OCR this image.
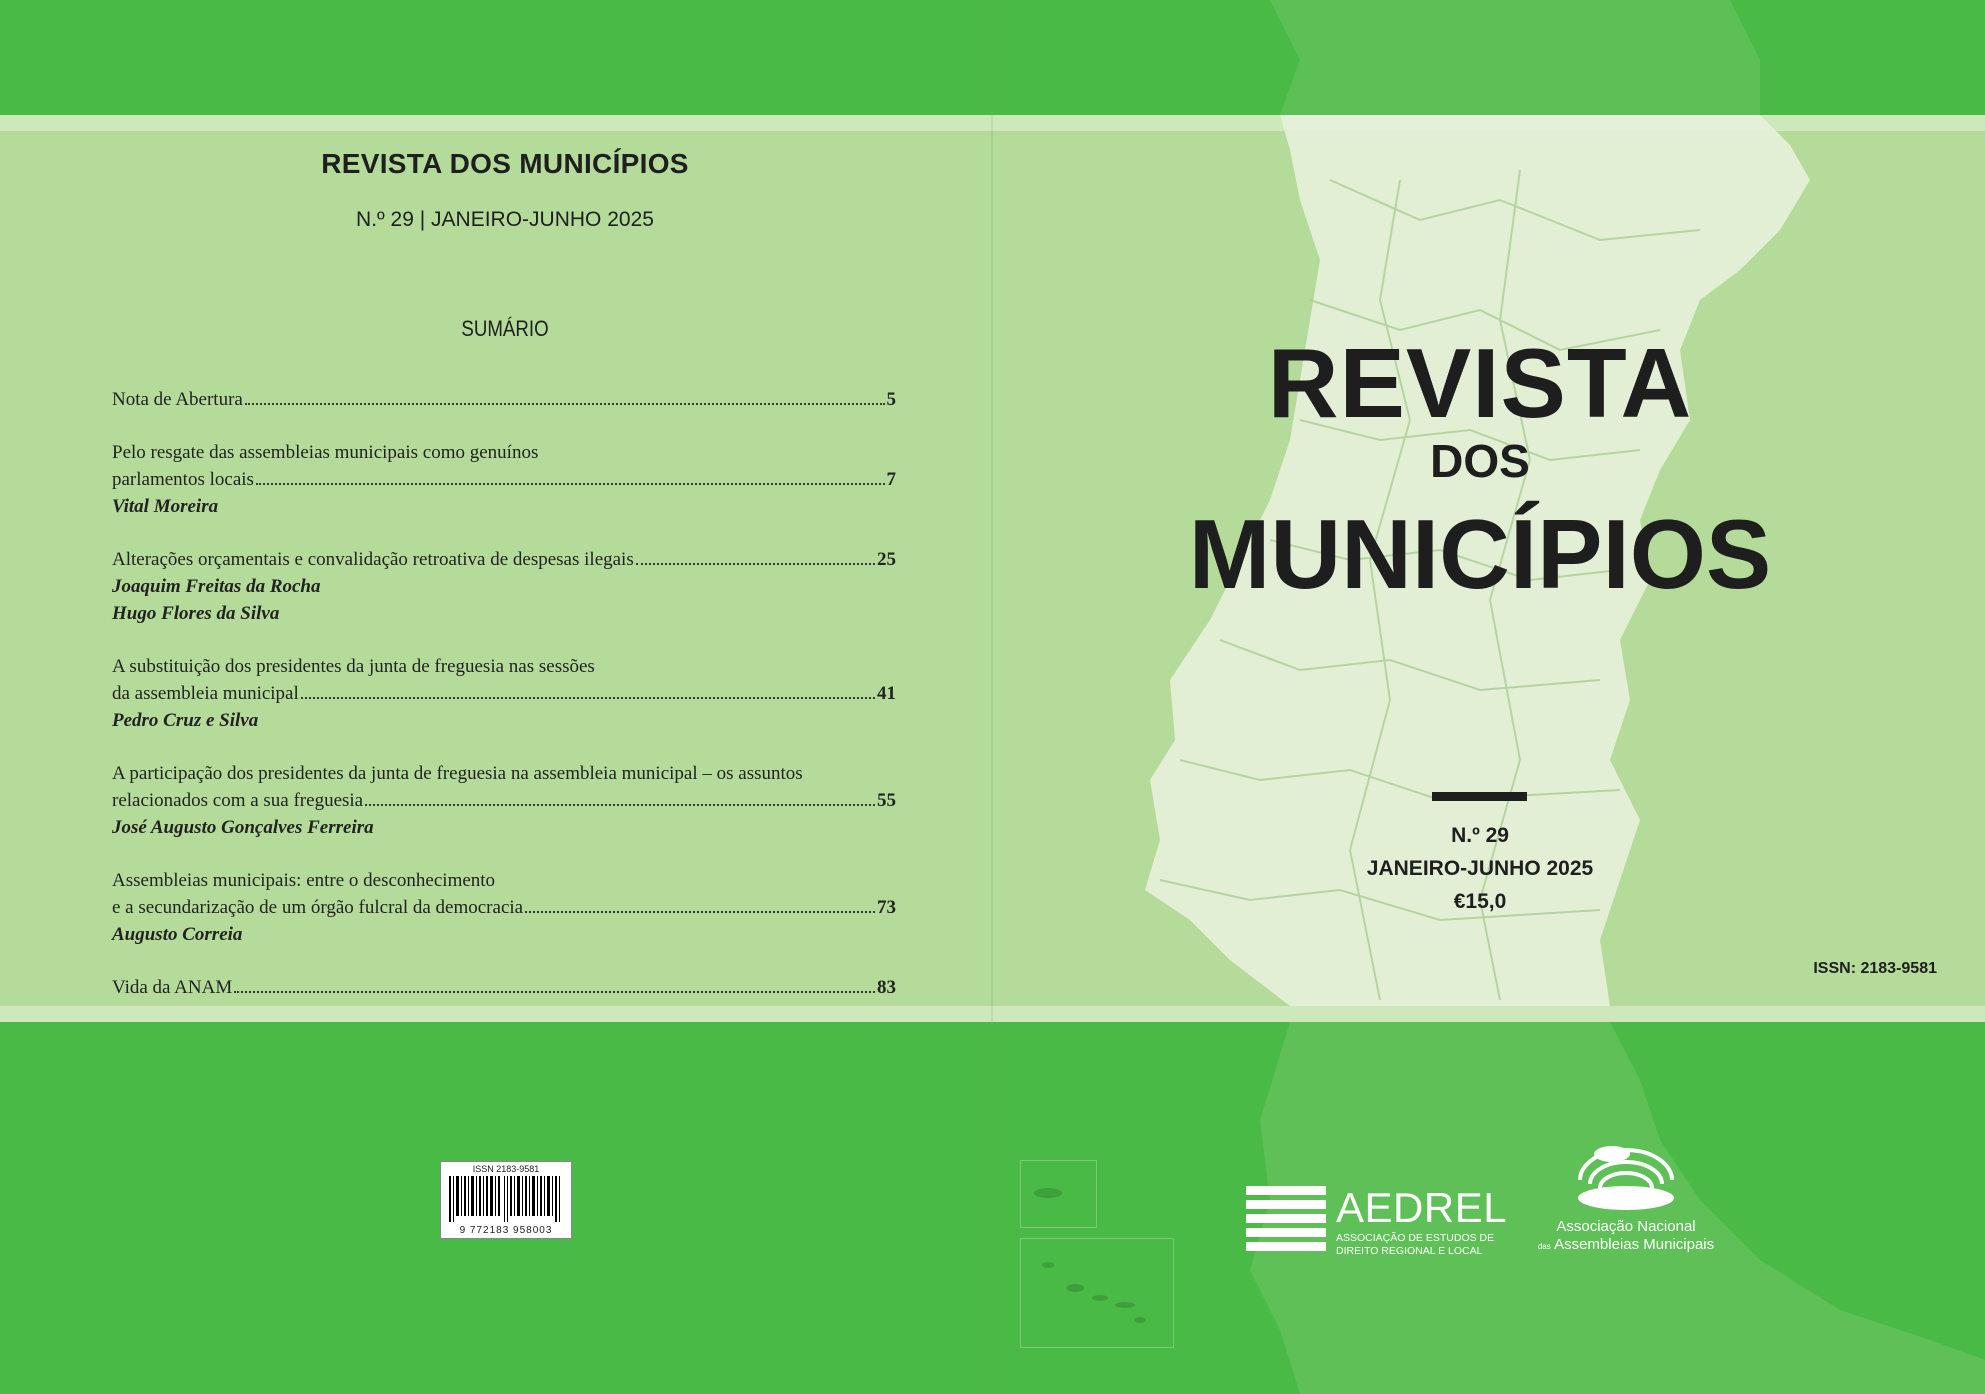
REVISTA DOS MUNICÍPIOS
N.º 29 | JANEIRO-JUNHO 2025
SUMÁRIO
Nota de Abertura	5
Pelo resgate das assembleias municipais como genuínos
parlamentos locais	7
Vital Moreira
Alterações orçamentais e convalidação retroativa de despesas ilegais	25
Joaquim Freitas da Rocha
Hugo Flores da Silva
A substituição dos presidentes da junta de freguesia nas sessões
da assembleia municipal	41
Pedro Cruz e Silva
A participação dos presidentes da junta de freguesia na assembleia municipal – os assuntos
relacionados com a sua freguesia	55
José Augusto Gonçalves Ferreira
Assembleias municipais: entre o desconhecimento
e a secundarização de um órgão fulcral da democracia	73
Augusto Correia
Vida da ANAM	83
ISSN 2183-9581
9 772183 958003
REVISTA
DOS
MUNICÍPIOS
N.º 29
JANEIRO-JUNHO 2025
€15,0
ISSN: 2183-9581
AEDREL
ASSOCIAÇÃO DE ESTUDOS DE
DIREITO REGIONAL E LOCAL
Associação Nacional
das Assembleias Municipais
